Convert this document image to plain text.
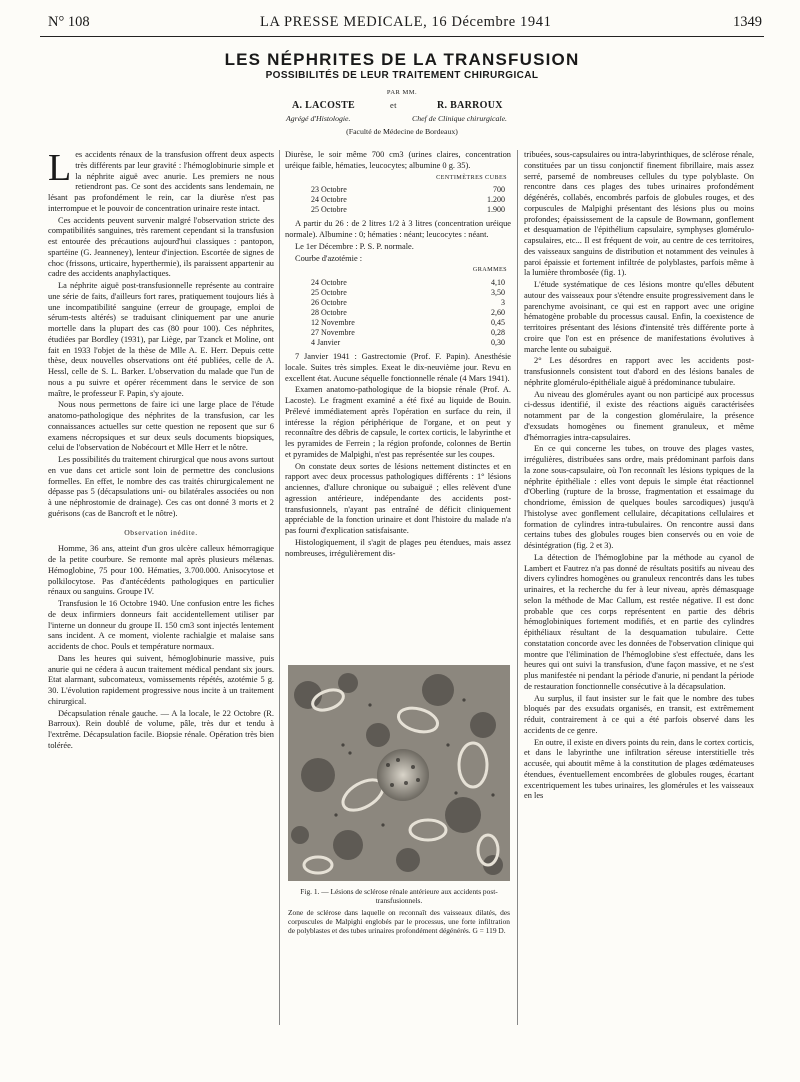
N° 108	LA PRESSE MEDICALE, 16 Décembre 1941	1349
LES NÉPHRITES DE LA TRANSFUSION
POSSIBILITÉS DE LEUR TRAITEMENT CHIRURGICAL
PAR MM.
A. LACOSTE	et	R. BARROUX
Agrégé d'Histologie.	Chef de Clinique chirurgicale.
(Faculté de Médecine de Bordeaux)

Les accidents rénaux de la transfusion offrent deux aspects très différents par leur gravité : l'hémoglobinurie simple et la néphrite aiguë avec anurie. Les premiers ne nous retiendront pas. Ce sont des accidents sans lendemain, ne lésant pas profondément le rein, car la diurèse n'est pas interrompue et le pouvoir de concentration urinaire reste intact.

Ces accidents peuvent survenir malgré l'observation stricte des compatibilités sanguines, très rarement cependant si la transfusion est entourée des précautions aujourd'hui classiques : pantopon, spartéine (G. Jeanneney), lenteur d'injection. Escortée de signes de choc (frissons, urticaire, hyperthermie), ils paraissent appartenir au cadre des accidents anaphylactiques.

La néphrite aiguë post-transfusionnelle représente au contraire une série de faits, d'ailleurs fort rares, pratiquement toujours liés à une incompatibilité sanguine (erreur de groupage, emploi de sérum-tests altérés) se traduisant cliniquement par une anurie mortelle dans la plupart des cas (80 pour 100). Ces néphrites, étudiées par Bordley (1931), par Liège, par Tzanck et Moline, ont fait en 1933 l'objet de la thèse de Mlle A. E. Herr. Depuis cette thèse, deux nouvelles observations ont été publiées, celle de A. Hessl, celle de S. L. Barker. L'observation du malade que l'un de nous a pu suivre et opérer récemment dans le service de son maître, le professeur F. Papin, s'y ajoute.

Nous nous permettons de faire ici une large place de l'étude anatomo-pathologique des néphrites de la transfusion, car les connaissances actuelles sur cette question ne reposent que sur 6 examens nécropsiques et sur deux seuls documents biopsiques, celui de l'observation de Nobécourt et Mlle Herr et le nôtre.

Les possibilités du traitement chirurgical que nous avons surtout en vue dans cet article sont loin de permettre des conclusions formelles. En effet, le nombre des cas traités chirurgicalement ne dépasse pas 5 (décapsulations uni- ou bilatérales associées ou non à une néphrostomie de drainage). Ces cas ont donné 3 morts et 2 guérisons (cas de Bancroft et le nôtre).

Observation inédite.

Homme, 36 ans, atteint d'un gros ulcère calleux hémorragique de la petite courbure. Se remonte mal après plusieurs mélænas. Hémoglobine, 75 pour 100. Hématies, 3.700.000. Anisocytose et polkilocytose. Pas d'antécédents pathologiques en particulier rénaux ou sanguins. Groupe IV.

Transfusion le 16 Octobre 1940. Une confusion entre les fiches de deux infirmiers donneurs fait accidentellement utiliser par l'interne un donneur du groupe II. 150 cm3 sont injectés lentement sans incident. A ce moment, violente rachialgie et malaise sans accidents de choc. Pouls et température normaux.

Dans les heures qui suivent, hémoglobinurie massive, puis anurie qui ne cédera à aucun traitement médical pendant six jours. Etat alarmant, subcomateux, vomissements répétés, azotémie 5 g. 30. L'évolution rapidement progressive nous incite à un traitement chirurgical.

Décapsulation rénale gauche. — A la locale, le 22 Octobre (R. Barroux). Rein doublé de volume, pâle, très dur et tendu à l'extrême. Décapsulation facile. Biopsie rénale. Opération très bien tolérée.

Diurèse, le soir même 700 cm3 (urines claires, concentration uréique faible, hématies, leucocytes; albumine 0 g. 35).

CENTIMÈTRES CUBES
23 Octobre	700
24 Octobre	1.200
25 Octobre	1.900

A partir du 26 : de 2 litres 1/2 à 3 litres (concentration uréique normale). Albumine : 0; hématies : néant; leucocytes : néant.

Le 1er Décembre : P. S. P. normale.

Courbe d'azotémie :

GRAMMES
24 Octobre	4,10
25 Octobre	3,50
26 Octobre	3
28 Octobre	2,60
12 Novembre	0,45
27 Novembre	0,28
4 Janvier	0,30

7 Janvier 1941 : Gastrectomie (Prof. F. Papin). Anesthésie locale. Suites très simples. Exeat le dix-neuvième jour. Revu en excellent état. Aucune séquelle fonctionnelle rénale (4 Mars 1941).

Examen anatomo-pathologique de la biopsie rénale (Prof. A. Lacoste). Le fragment examiné a été fixé au liquide de Bouin. Prélevé immédiatement après l'opération en surface du rein, il intéresse la région périphérique de l'organe, et on peut y reconnaître des débris de capsule, le cortex corticis, le labyrinthe et les pyramides de Ferrein ; la région profonde, colonnes de Bertin et pyramides de Malpighi, n'est pas représentée sur les coupes.

On constate deux sortes de lésions nettement distinctes et en rapport avec deux processus pathologiques différents : 1° lésions anciennes, d'allure chronique ou subaiguë ; elles relèvent d'une agression antérieure, indépendante des accidents post-transfusionnels, n'ayant pas entraîné de déficit cliniquement appréciable de la fonction urinaire et dont l'histoire du malade n'a pas fourni d'explication satisfaisante.

Histologiquement, il s'agit de plages peu étendues, mais assez nombreuses, irrégulièrement dis-

Fig. 1. — Lésions de sclérose rénale antérieure aux accidents post-transfusionnels.
Zone de sclérose dans laquelle on reconnaît des vaisseaux dilatés, des corpuscules de Malpighi englobés par le processus, une forte infiltration de polyblastes et des tubes urinaires profondément dégénérés. G = 119 D.

tribuées, sous-capsulaires ou intra-labyrinthiques, de sclérose rénale, constituées par un tissu conjonctif finement fibrillaire, mais assez serré, parsemé de nombreuses cellules du type polyblaste. On rencontre dans ces plages des tubes urinaires profondément dégénérés, collabés, encombrés parfois de globules rouges, et des corpuscules de Malpighi présentant des lésions plus ou moins profondes; épaississement de la capsule de Bowmann, gonflement et desquamation de l'épithélium capsulaire, symphyses glomérulo-capsulaires, etc... Il est fréquent de voir, au centre de ces territoires, des vaisseaux sanguins de distribution et notamment des veinules à paroi épaissie et fortement infiltrée de polyblastes, parfois même à la lumière thrombosée (fig. 1).

L'étude systématique de ces lésions montre qu'elles débutent autour des vaisseaux pour s'étendre ensuite progressivement dans le parenchyme avoisinant, ce qui est en rapport avec une origine hématogène probable du processus causal. Enfin, la coexistence de territoires présentant des lésions d'intensité très différente porte à croire que l'on est en présence de manifestations évolutives à marche lente ou subaiguë.

2° Les désordres en rapport avec les accidents post-transfusionnels consistent tout d'abord en des lésions banales de néphrite glomérulo-épithéliale aiguë à prédominance tubulaire.

Au niveau des glomérules ayant ou non participé aux processus ci-dessus identifié, il existe des réactions aiguës caractérisées notamment par de la congestion glomérulaire, la présence d'exsudats homogènes ou finement granuleux, et même d'hémorragies intra-capsulaires.

En ce qui concerne les tubes, on trouve des plages vastes, irrégulières, distribuées sans ordre, mais prédominant parfois dans la zone sous-capsulaire, où l'on reconnaît les lésions typiques de la néphrite épithéliale : elles vont depuis le simple état réactionnel d'Oberling (rupture de la brosse, fragmentation et essaimage du chondriome, émission de quelques boules sarcodiques) jusqu'à l'histolyse avec gonflement cellulaire, décapitations cellulaires et formation de cylindres intra-tubulaires. On rencontre aussi dans certains tubes des globules rouges bien conservés ou en voie de désintégration (fig. 2 et 3).

La détection de l'hémoglobine par la méthode au cyanol de Lambert et Fautrez n'a pas donné de résultats positifs au niveau des divers cylindres homogènes ou granuleux rencontrés dans les tubes urinaires, et la recherche du fer à leur niveau, après démasquage selon la méthode de Mac Callum, est restée négative. Il est donc probable que ces corps représentent en partie des débris hémoglobiniques fortement modifiés, et en partie des cylindres épithéliaux résultant de la desquamation tubulaire. Cette constatation concorde avec les données de l'observation clinique qui montre que l'élimination de l'hémoglobine s'est effectuée, dans les heures qui ont suivi la transfusion, d'une façon massive, et ne s'est plus manifestée ni pendant la période d'anurie, ni pendant la période de restauration fonctionnelle consécutive à la décapsulation.

Au surplus, il faut insister sur le fait que le nombre des tubes bloqués par des exsudats organisés, en transit, est extrêmement réduit, contrairement à ce qui a été parfois observé dans les accidents de ce genre.

En outre, il existe en divers points du rein, dans le cortex corticis, et dans le labyrinthe une infiltration séreuse interstitielle très accusée, qui aboutit même à la constitution de plages œdémateuses étendues, éventuellement encombrées de globules rouges, écartant excentriquement les tubes urinaires, les glomérules et les vaisseaux en les
